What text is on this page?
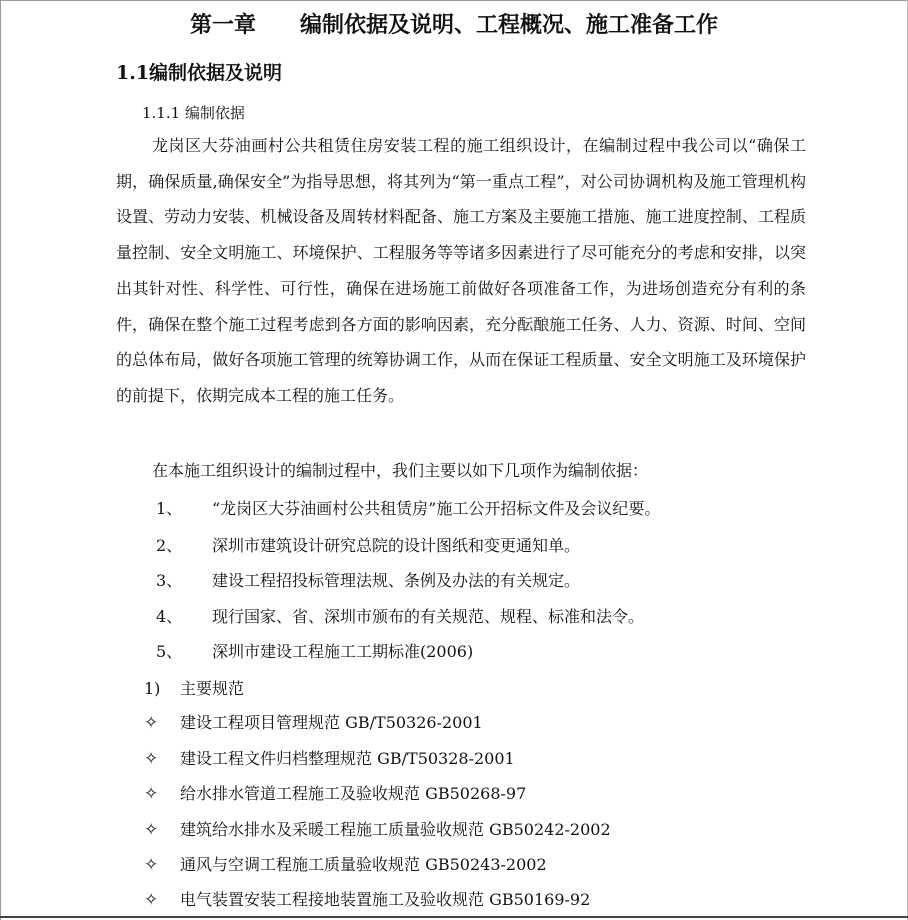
第一章 编制依据及说明、工程概况、施工准备工作
1.1编制依据及说明
1.1.1 编制依据

龙岗区大芬油画村公共租赁住房安装工程的施工组织设计，在编制过程中我公司以“确保工期，确保质量,确保安全”为指导思想，将其列为“第一重点工程”，对公司协调机构及施工管理机构设置、劳动力安装、机械设备及周转材料配备、施工方案及主要施工措施、施工进度控制、工程质量控制、安全文明施工、环境保护、工程服务等等诸多因素进行了尽可能充分的考虑和安排，以突出其针对性、科学性、可行性，确保在进场施工前做好各项准备工作，为进场创造充分有利的条件，确保在整个施工过程考虑到各方面的影响因素，充分酝酿施工任务、人力、资源、时间、空间的总体布局，做好各项施工管理的统筹协调工作，从而在保证工程质量、安全文明施工及环境保护的前提下，依期完成本工程的施工任务。

在本施工组织设计的编制过程中，我们主要以如下几项作为编制依据：

1、 “龙岗区大芬油画村公共租赁房”施工公开招标文件及会议纪要。
2、 深圳市建筑设计研究总院的设计图纸和变更通知单。
3、 建设工程招投标管理法规、条例及办法的有关规定。
4、 现行国家、省、深圳市颁布的有关规范、规程、标准和法令。
5、 深圳市建设工程施工工期标准(2006)
1) 主要规范
✧ 建设工程项目管理规范 GB/T50326-2001
✧ 建设工程文件归档整理规范 GB/T50328-2001
✧ 给水排水管道工程施工及验收规范 GB50268-97
✧ 建筑给水排水及采暖工程施工质量验收规范 GB50242-2002
✧ 通风与空调工程施工质量验收规范 GB50243-2002
✧ 电气装置安装工程接地装置施工及验收规范 GB50169-92
